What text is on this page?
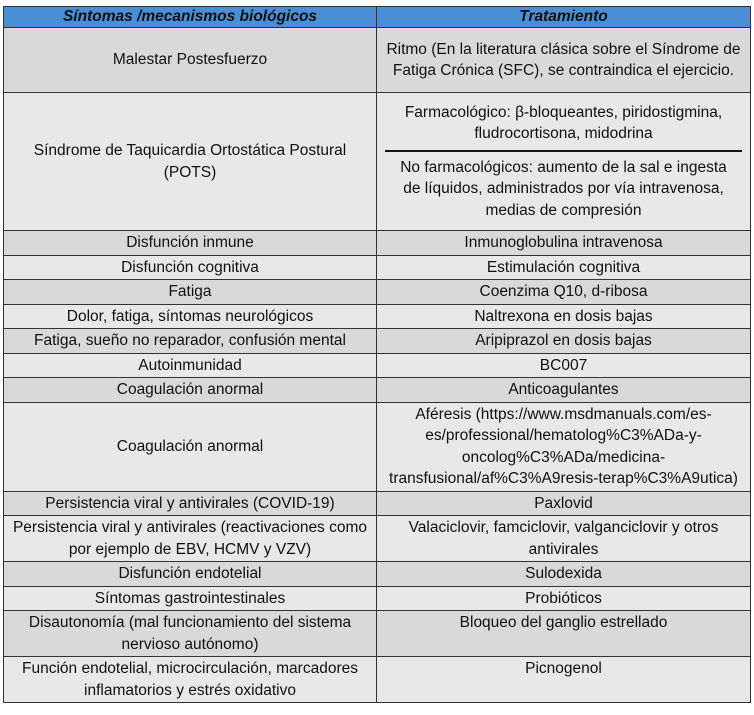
Síntomas /mecanismos biológicos	Tratamiento
Malestar Postesfuerzo	Ritmo (En la literatura clásica sobre el Síndrome de Fatiga Crónica (SFC), se contraindica el ejercicio.
Síndrome de Taquicardia Ortostática Postural (POTS)	Farmacológico: β-bloqueantes, piridostigmina, fludrocortisona, midodrina
No farmacológicos: aumento de la sal e ingesta de líquidos, administrados por vía intravenosa, medias de compresión

Disfunción inmune	Inmunoglobulina intravenosa
Disfunción cognitiva	Estimulación cognitiva
Fatiga	Coenzima Q10, d-ribosa
Dolor, fatiga, síntomas neurológicos	Naltrexona en dosis bajas
Fatiga, sueño no reparador, confusión mental	Aripiprazol en dosis bajas
Autoinmunidad	BC007
Coagulación anormal	Anticoagulantes
Coagulación anormal	Aféresis (https://www.msdmanuals.com/es-es/professional/hematolog%C3%ADa-y-oncolog%C3%ADa/medicina-transfusional/af%C3%A9resis-terap%C3%A9utica)
Persistencia viral y antivirales (COVID-19)	Paxlovid
Persistencia viral y antivirales (reactivaciones como por ejemplo de EBV, HCMV y VZV)	Valaciclovir, famciclovir, valganciclovir y otros antivirales
Disfunción endotelial	Sulodexida
Síntomas gastrointestinales	Probióticos
Disautonomía (mal funcionamiento del sistema nervioso autónomo)	Bloqueo del ganglio estrellado
Función endotelial, microcirculación, marcadores inflamatorios y estrés oxidativo	Picnogenol
